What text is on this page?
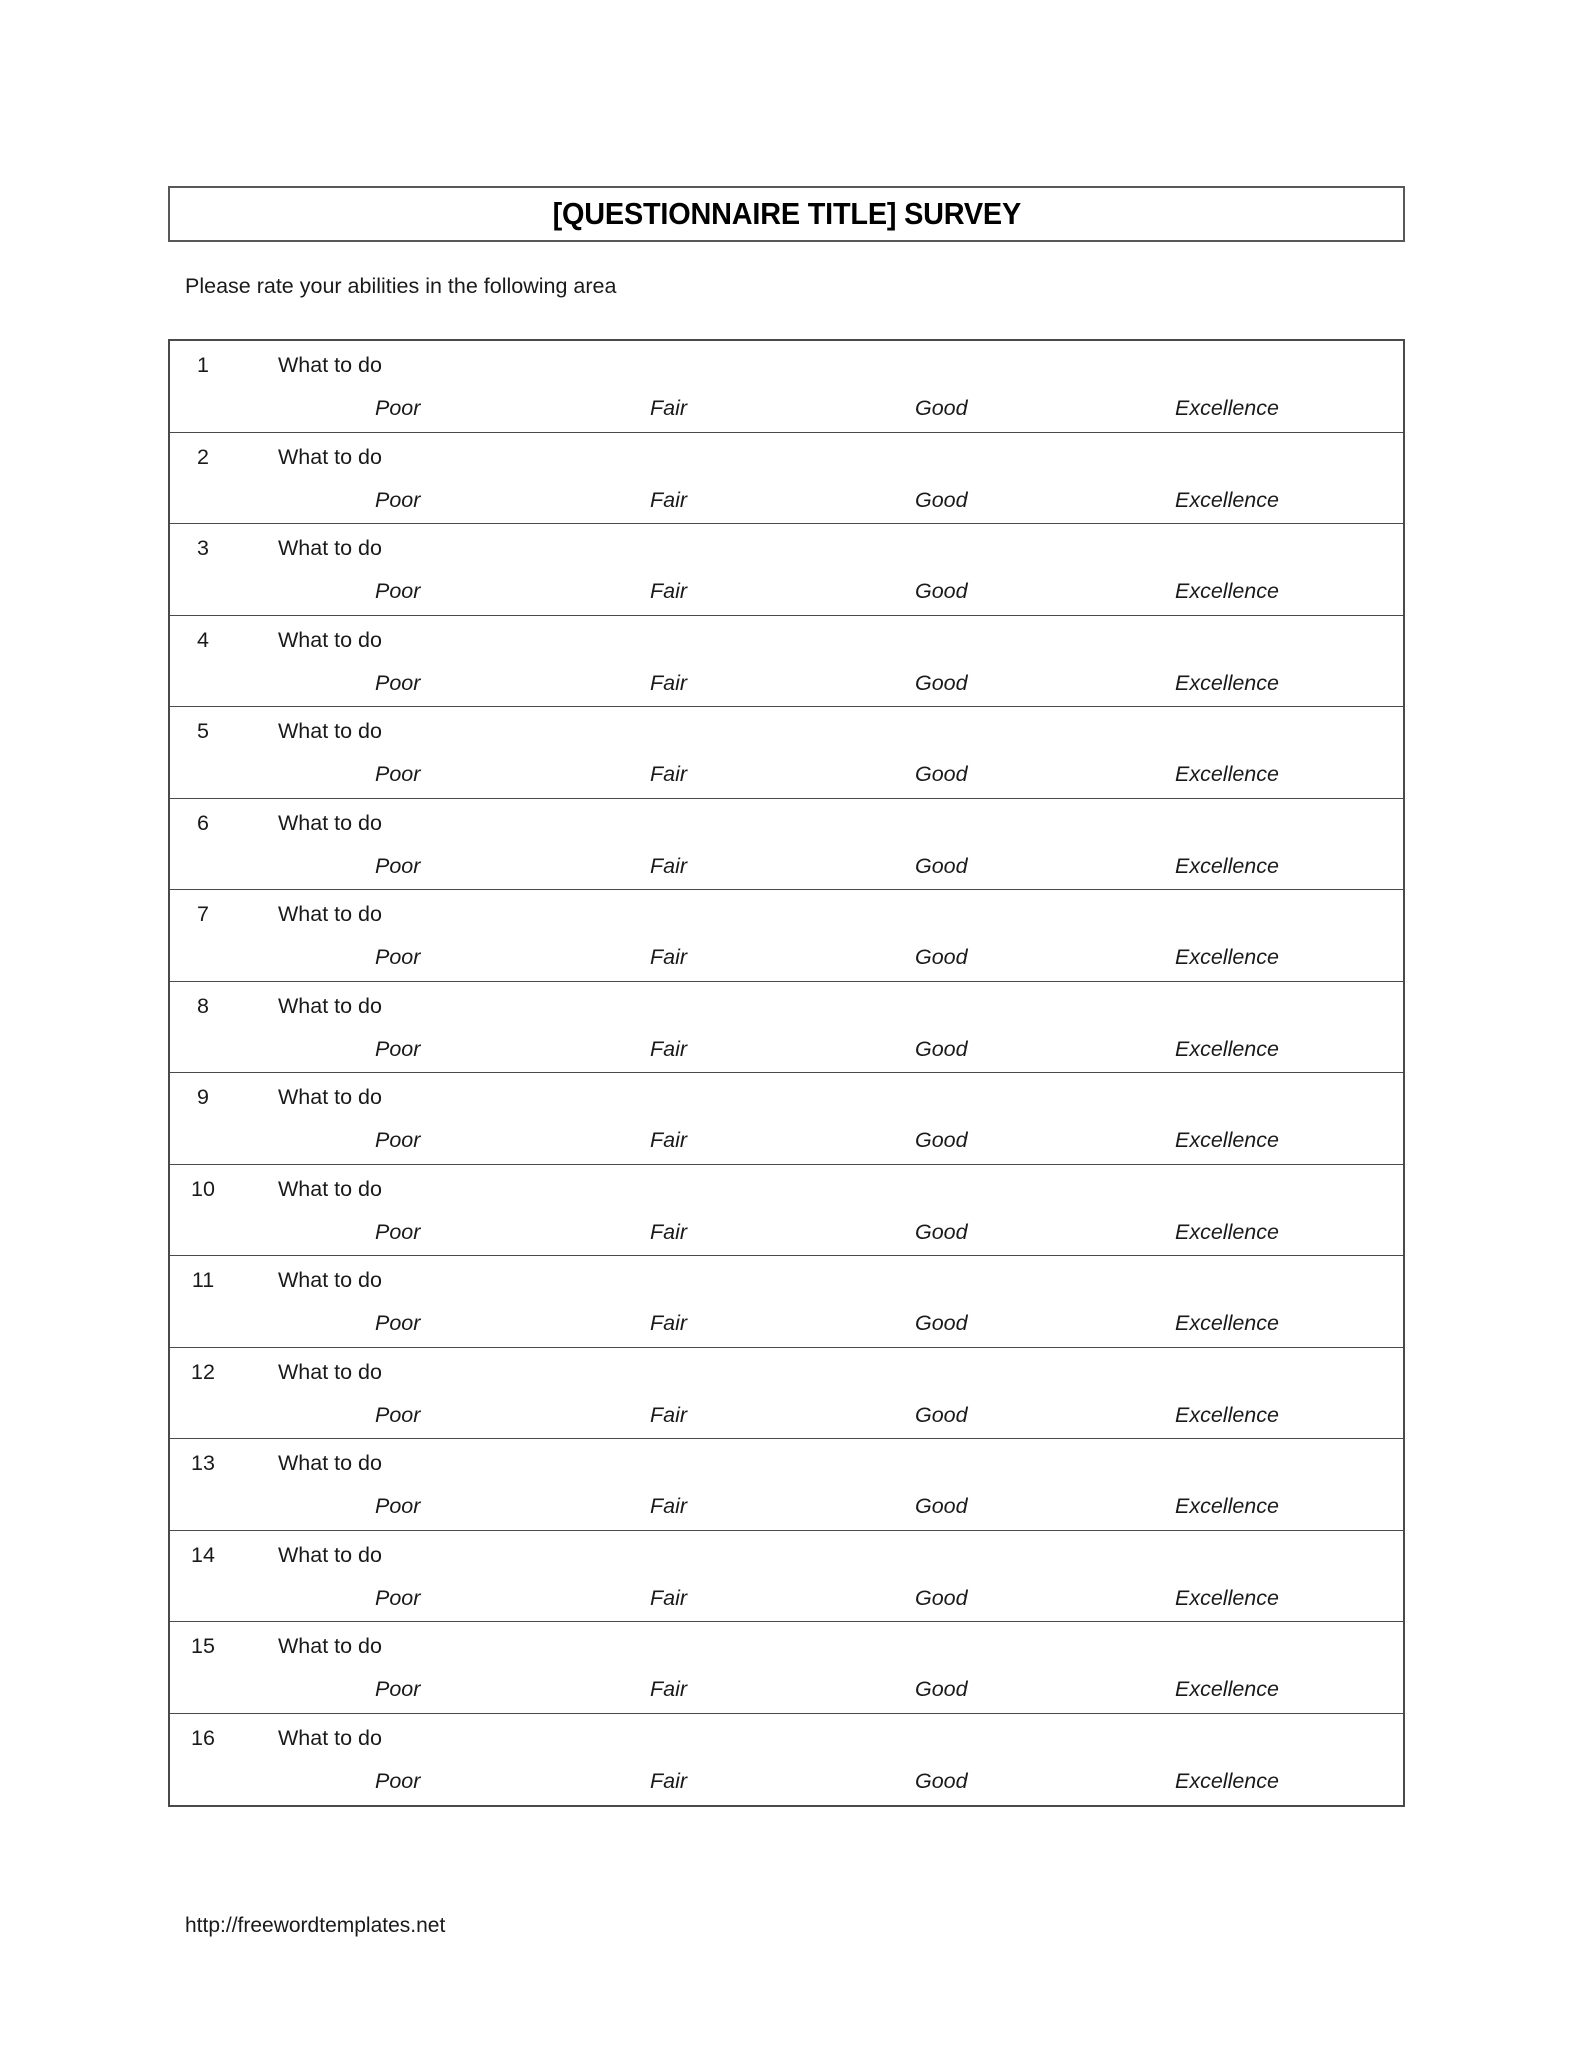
[QUESTIONNAIRE TITLE] SURVEY
Please rate your abilities in the following area
1	What to do
Poor	Fair	Good	Excellence
2	What to do
Poor	Fair	Good	Excellence
3	What to do
Poor	Fair	Good	Excellence
4	What to do
Poor	Fair	Good	Excellence
5	What to do
Poor	Fair	Good	Excellence
6	What to do
Poor	Fair	Good	Excellence
7	What to do
Poor	Fair	Good	Excellence
8	What to do
Poor	Fair	Good	Excellence
9	What to do
Poor	Fair	Good	Excellence
10	What to do
Poor	Fair	Good	Excellence
11	What to do
Poor	Fair	Good	Excellence
12	What to do
Poor	Fair	Good	Excellence
13	What to do
Poor	Fair	Good	Excellence
14	What to do
Poor	Fair	Good	Excellence
15	What to do
Poor	Fair	Good	Excellence
16	What to do
Poor	Fair	Good	Excellence
http://freewordtemplates.net
